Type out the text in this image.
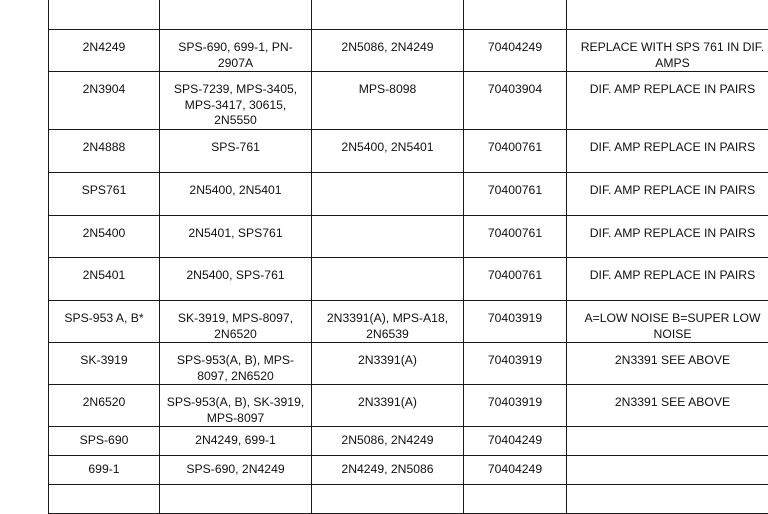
2N4249	SPS-690, 699-1, PN-2907A	2N5086, 2N4249	70404249	REPLACE WITH SPS 761 IN DIF. AMPS

2N3904	SPS-7239, MPS-3405, MPS-3417, 30615, 2N5550	MPS-8098	70403904	DIF. AMP REPLACE IN PAIRS

2N4888	SPS-761	2N5400, 2N5401	70400761	DIF. AMP REPLACE IN PAIRS

SPS761	2N5400, 2N5401		70400761	DIF. AMP REPLACE IN PAIRS

2N5400	2N5401, SPS761		70400761	DIF. AMP REPLACE IN PAIRS

2N5401	2N5400, SPS-761		70400761	DIF. AMP REPLACE IN PAIRS

SPS-953 A, B*	SK-3919, MPS-8097, 2N6520	2N3391(A), MPS-A18, 2N6539	70403919	A=LOW NOISE B=SUPER LOW NOISE

SK-3919	SPS-953(A, B), MPS-8097, 2N6520	2N3391(A)	70403919	2N3391 SEE ABOVE

2N6520	SPS-953(A, B), SK-3919, MPS-8097	2N3391(A)	70403919	2N3391 SEE ABOVE

SPS-690	2N4249, 699-1	2N5086, 2N4249	70404249	

699-1	SPS-690, 2N4249	2N4249, 2N5086	70404249	
